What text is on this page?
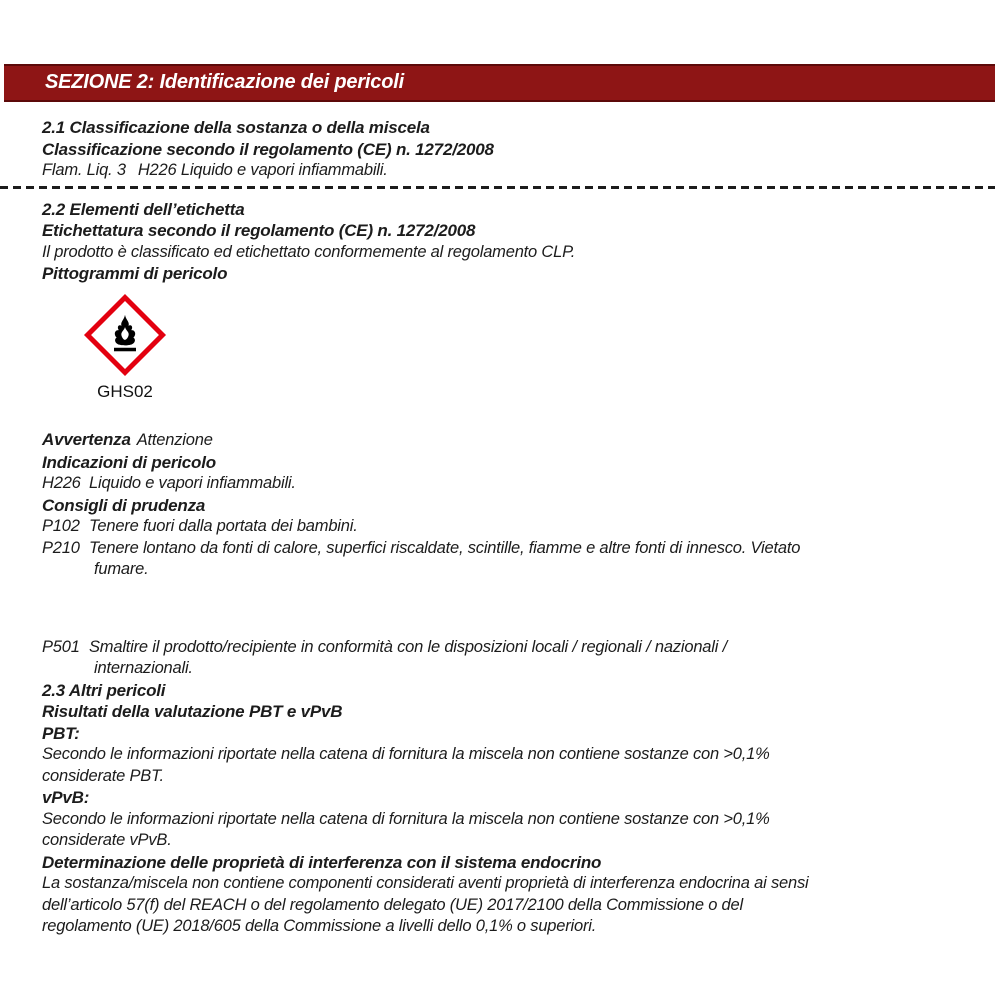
SEZIONE 2: Identificazione dei pericoli
2.1 Classificazione della sostanza o della miscela
Classificazione secondo il regolamento (CE) n. 1272/2008
Flam. Liq. 3 H226 Liquido e vapori infiammabili.
2.2 Elementi dell’etichetta
Etichettatura secondo il regolamento (CE) n. 1272/2008
Il prodotto è classificato ed etichettato conformemente al regolamento CLP.
Pittogrammi di pericolo
GHS02
Avvertenza Attenzione
Indicazioni di pericolo
H226 Liquido e vapori infiammabili.
Consigli di prudenza
P102 Tenere fuori dalla portata dei bambini.
P210 Tenere lontano da fonti di calore, superfici riscaldate, scintille, fiamme e altre fonti di innesco. Vietato
fumare.
P501 Smaltire il prodotto/recipiente in conformità con le disposizioni locali / regionali / nazionali /
internazionali.
2.3 Altri pericoli
Risultati della valutazione PBT e vPvB
PBT:
Secondo le informazioni riportate nella catena di fornitura la miscela non contiene sostanze con >0,1%
considerate PBT.
vPvB:
Secondo le informazioni riportate nella catena di fornitura la miscela non contiene sostanze con >0,1%
considerate vPvB.
Determinazione delle proprietà di interferenza con il sistema endocrino
La sostanza/miscela non contiene componenti considerati aventi proprietà di interferenza endocrina ai sensi
dell’articolo 57(f) del REACH o del regolamento delegato (UE) 2017/2100 della Commissione o del
regolamento (UE) 2018/605 della Commissione a livelli dello 0,1% o superiori.
